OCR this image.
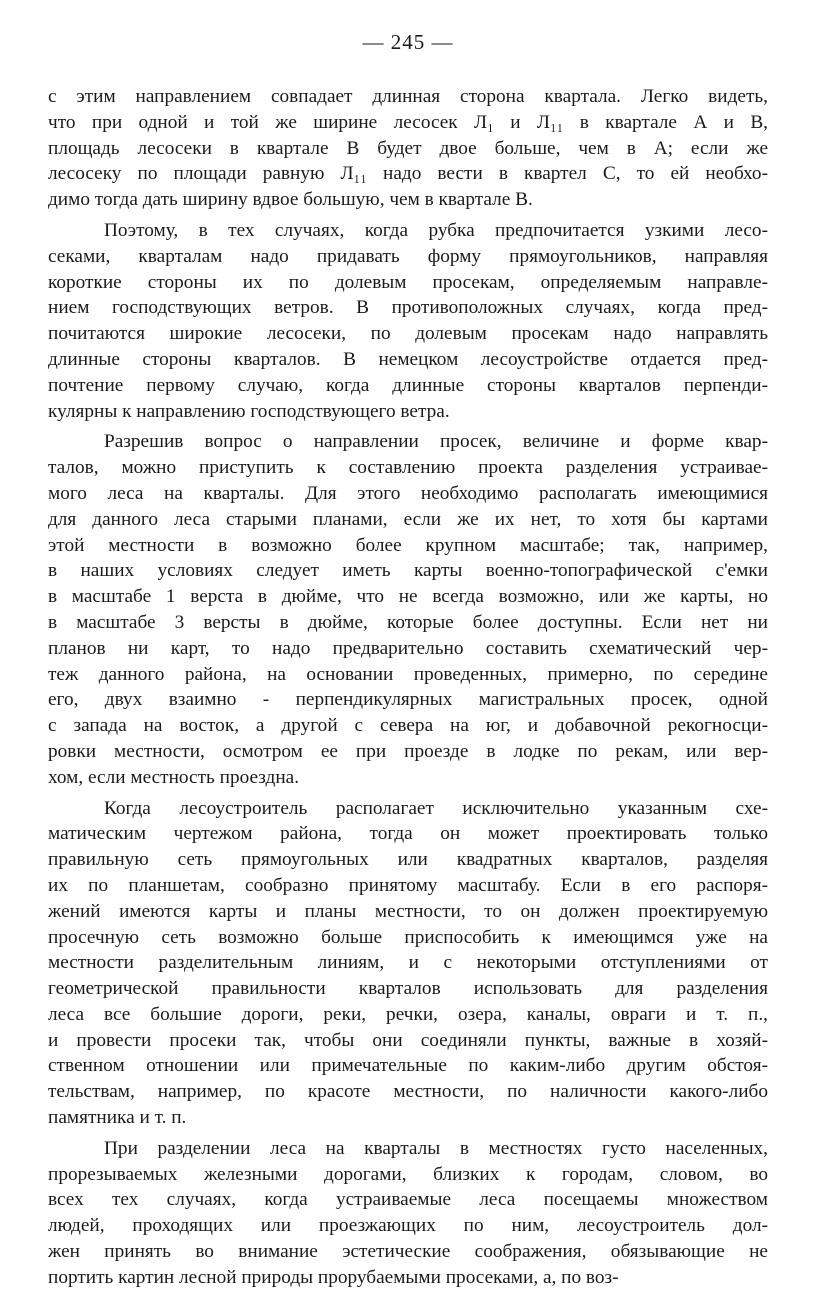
— 245 —

с этим направлением совпадает длинная сторона квартала. Легко видеть,
что при одной и той же ширине лесосек Л₁ и Л₁₁ в квартале А и В,
площадь лесосеки в квартале В будет двое больше, чем в А; если же
лесосеку по площади равную Л₁₁ надо вести в квартел С, то ей необхо-
димо тогда дать ширину вдвое большую, чем в квартале В.

Поэтому, в тех случаях, когда рубка предпочитается узкими лесо-
секами, кварталам надо придавать форму прямоугольников, направляя
короткие стороны их по долевым просекам, определяемым направле-
нием господствующих ветров. В противоположных случаях, когда пред-
почитаются широкие лесосеки, по долевым просекам надо направлять
длинные стороны кварталов. В немецком лесоустройстве отдается пред-
почтение первому случаю, когда длинные стороны кварталов перпенди-
кулярны к направлению господствующего ветра.

Разрешив вопрос о направлении просек, величине и форме квар-
талов, можно приступить к составлению проекта разделения устраивае-
мого леса на кварталы. Для этого необходимо располагать имеющимися
для данного леса старыми планами, если же их нет, то хотя бы картами
этой местности в возможно более крупном масштабе; так, например,
в наших условиях следует иметь карты военно-топографической с'емки
в масштабе 1 верста в дюйме, что не всегда возможно, или же карты, но
в масштабе 3 версты в дюйме, которые более доступны. Если нет ни
планов ни карт, то надо предварительно составить схематический чер-
теж данного района, на основании проведенных, примерно, по середине
его, двух взаимно - перпендикулярных магистральных просек, одной
с запада на восток, а другой с севера на юг, и добавочной рекогносци-
ровки местности, осмотром ее при проезде в лодке по рекам, или вер-
хом, если местность проездна.

Когда лесоустроитель располагает исключительно указанным схе-
матическим чертежом района, тогда он может проектировать только
правильную сеть прямоугольных или квадратных кварталов, разделяя
их по планшетам, сообразно принятому масштабу. Если в его распоря-
жений имеются карты и планы местности, то он должен проектируемую
просечную сеть возможно больше приспособить к имеющимся уже на
местности разделительным линиям, и с некоторыми отступлениями от
геометрической правильности кварталов использовать для разделения
леса все большие дороги, реки, речки, озера, каналы, овраги и т. п.,
и провести просеки так, чтобы они соединяли пункты, важные в хозяй-
ственном отношении или примечательные по каким-либо другим обстоя-
тельствам, например, по красоте местности, по наличности какого-либо
памятника и т. п.

При разделении леса на кварталы в местностях густо населенных,
прорезываемых железными дорогами, близких к городам, словом, во
всех тех случаях, когда устраиваемые леса посещаемы множеством
людей, проходящих или проезжающих по ним, лесоустроитель дол-
жен принять во внимание эстетические соображения, обязывающие не
портить картин лесной природы прорубаемыми просеками, а, по воз-
